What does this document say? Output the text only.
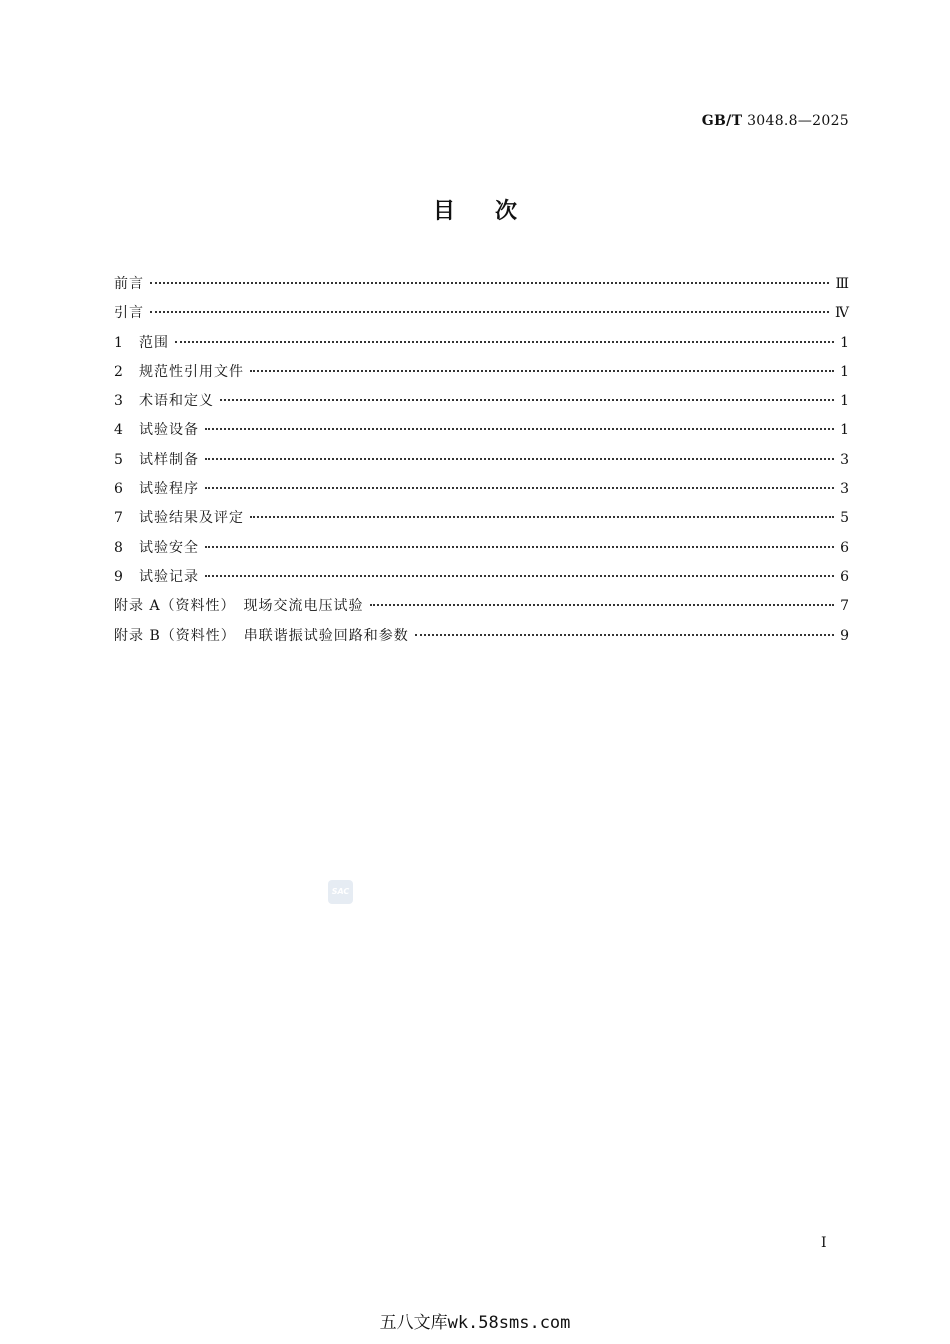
GB/T 3048.8—2025
目次
前言	Ⅲ
引言	Ⅳ
1	范围	1
2	规范性引用文件	1
3	术语和定义	1
4	试验设备	1
5	试样制备	3
6	试验程序	3
7	试验结果及评定	5
8	试验安全	6
9	试验记录	6
附录 A（资料性）　现场交流电压试验	7
附录 B（资料性）　串联谐振试验回路和参数	9
SAC
I
五八文库wk.58sms.com
